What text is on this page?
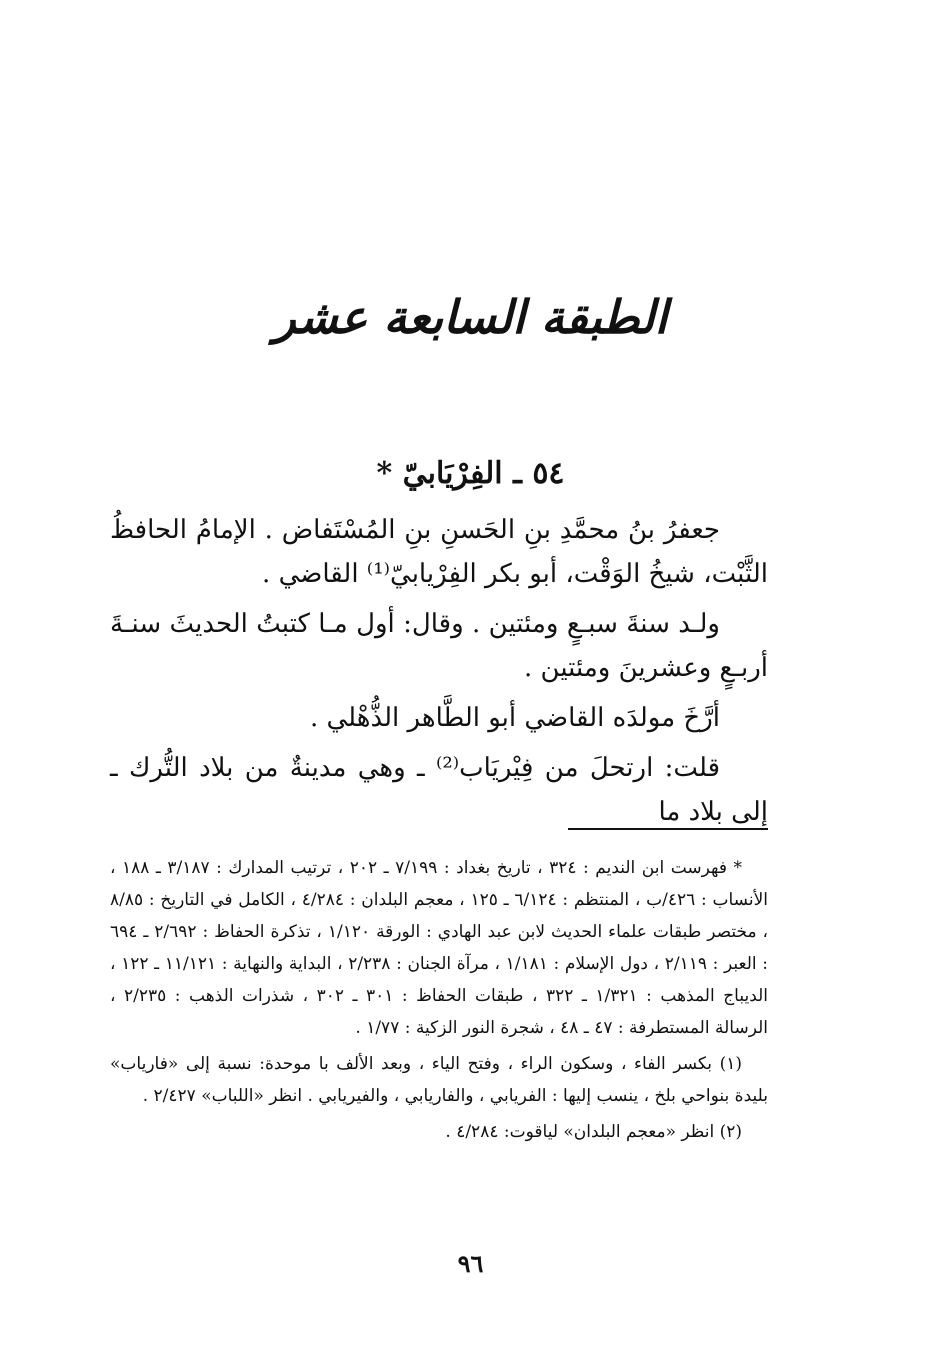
الطبقة السابعة عشر
٥٤ ـ الفِرْيَابيّ *

جعفرُ بنُ محمَّدِ بنِ الحَسنِ بنِ المُسْتَفاض . الإمامُ الحافظُ الثَّبْت، شيخُ الوَقْت، أبو بكر الفِرْيابيّ⁽¹⁾ القاضي .

ولـد سنةَ سبـعٍ ومئتين . وقال: أول مـا كتبتُ الحديثَ سنـةَ أربـعٍ وعشرينَ ومئتين .

أرَّخَ مولدَه القاضي أبو الطَّاهر الذُّهْلي .

قلت: ارتحلَ من فِيْريَاب⁽²⁾ ـ وهي مدينةٌ من بلاد التُّرك ـ إلى بلاد ما

* فهرست ابن النديم : ٣٢٤ ، تاريخ بغداد : ٧/١٩٩ ـ ٢٠٢ ، ترتيب المدارك : ٣/١٨٧ ـ ١٨٨ ، الأنساب : ٤٢٦/ب ، المنتظم : ٦/١٢٤ ـ ١٢٥ ، معجم البلدان : ٤/٢٨٤ ، الكامل في التاريخ : ٨/٨٥ ، مختصر طبقات علماء الحديث لابن عبد الهادي : الورقة ١/١٢٠ ، تذكرة الحفاظ : ٢/٦٩٢ ـ ٦٩٤ : العبر : ٢/١١٩ ، دول الإسلام : ١/١٨١ ، مرآة الجنان : ٢/٢٣٨ ، البداية والنهاية : ١١/١٢١ ـ ١٢٢ ، الديباج المذهب : ١/٣٢١ ـ ٣٢٢ ، طبقات الحفاظ : ٣٠١ ـ ٣٠٢ ، شذرات الذهب : ٢/٢٣٥ ، الرسالة المستطرفة : ٤٧ ـ ٤٨ ، شجرة النور الزكية : ١/٧٧ .

(١) بكسر الفاء ، وسكون الراء ، وفتح الياء ، وبعد الألف با موحدة: نسبة إلى «فارياب» بليدة بنواحي بلخ ، ينسب إليها : الفريابي ، والفاريابي ، والفيريابي . انظر «اللباب» ٢/٤٢٧ .

(٢) انظر «معجم البلدان» لياقوت: ٤/٢٨٤ .

٩٦
